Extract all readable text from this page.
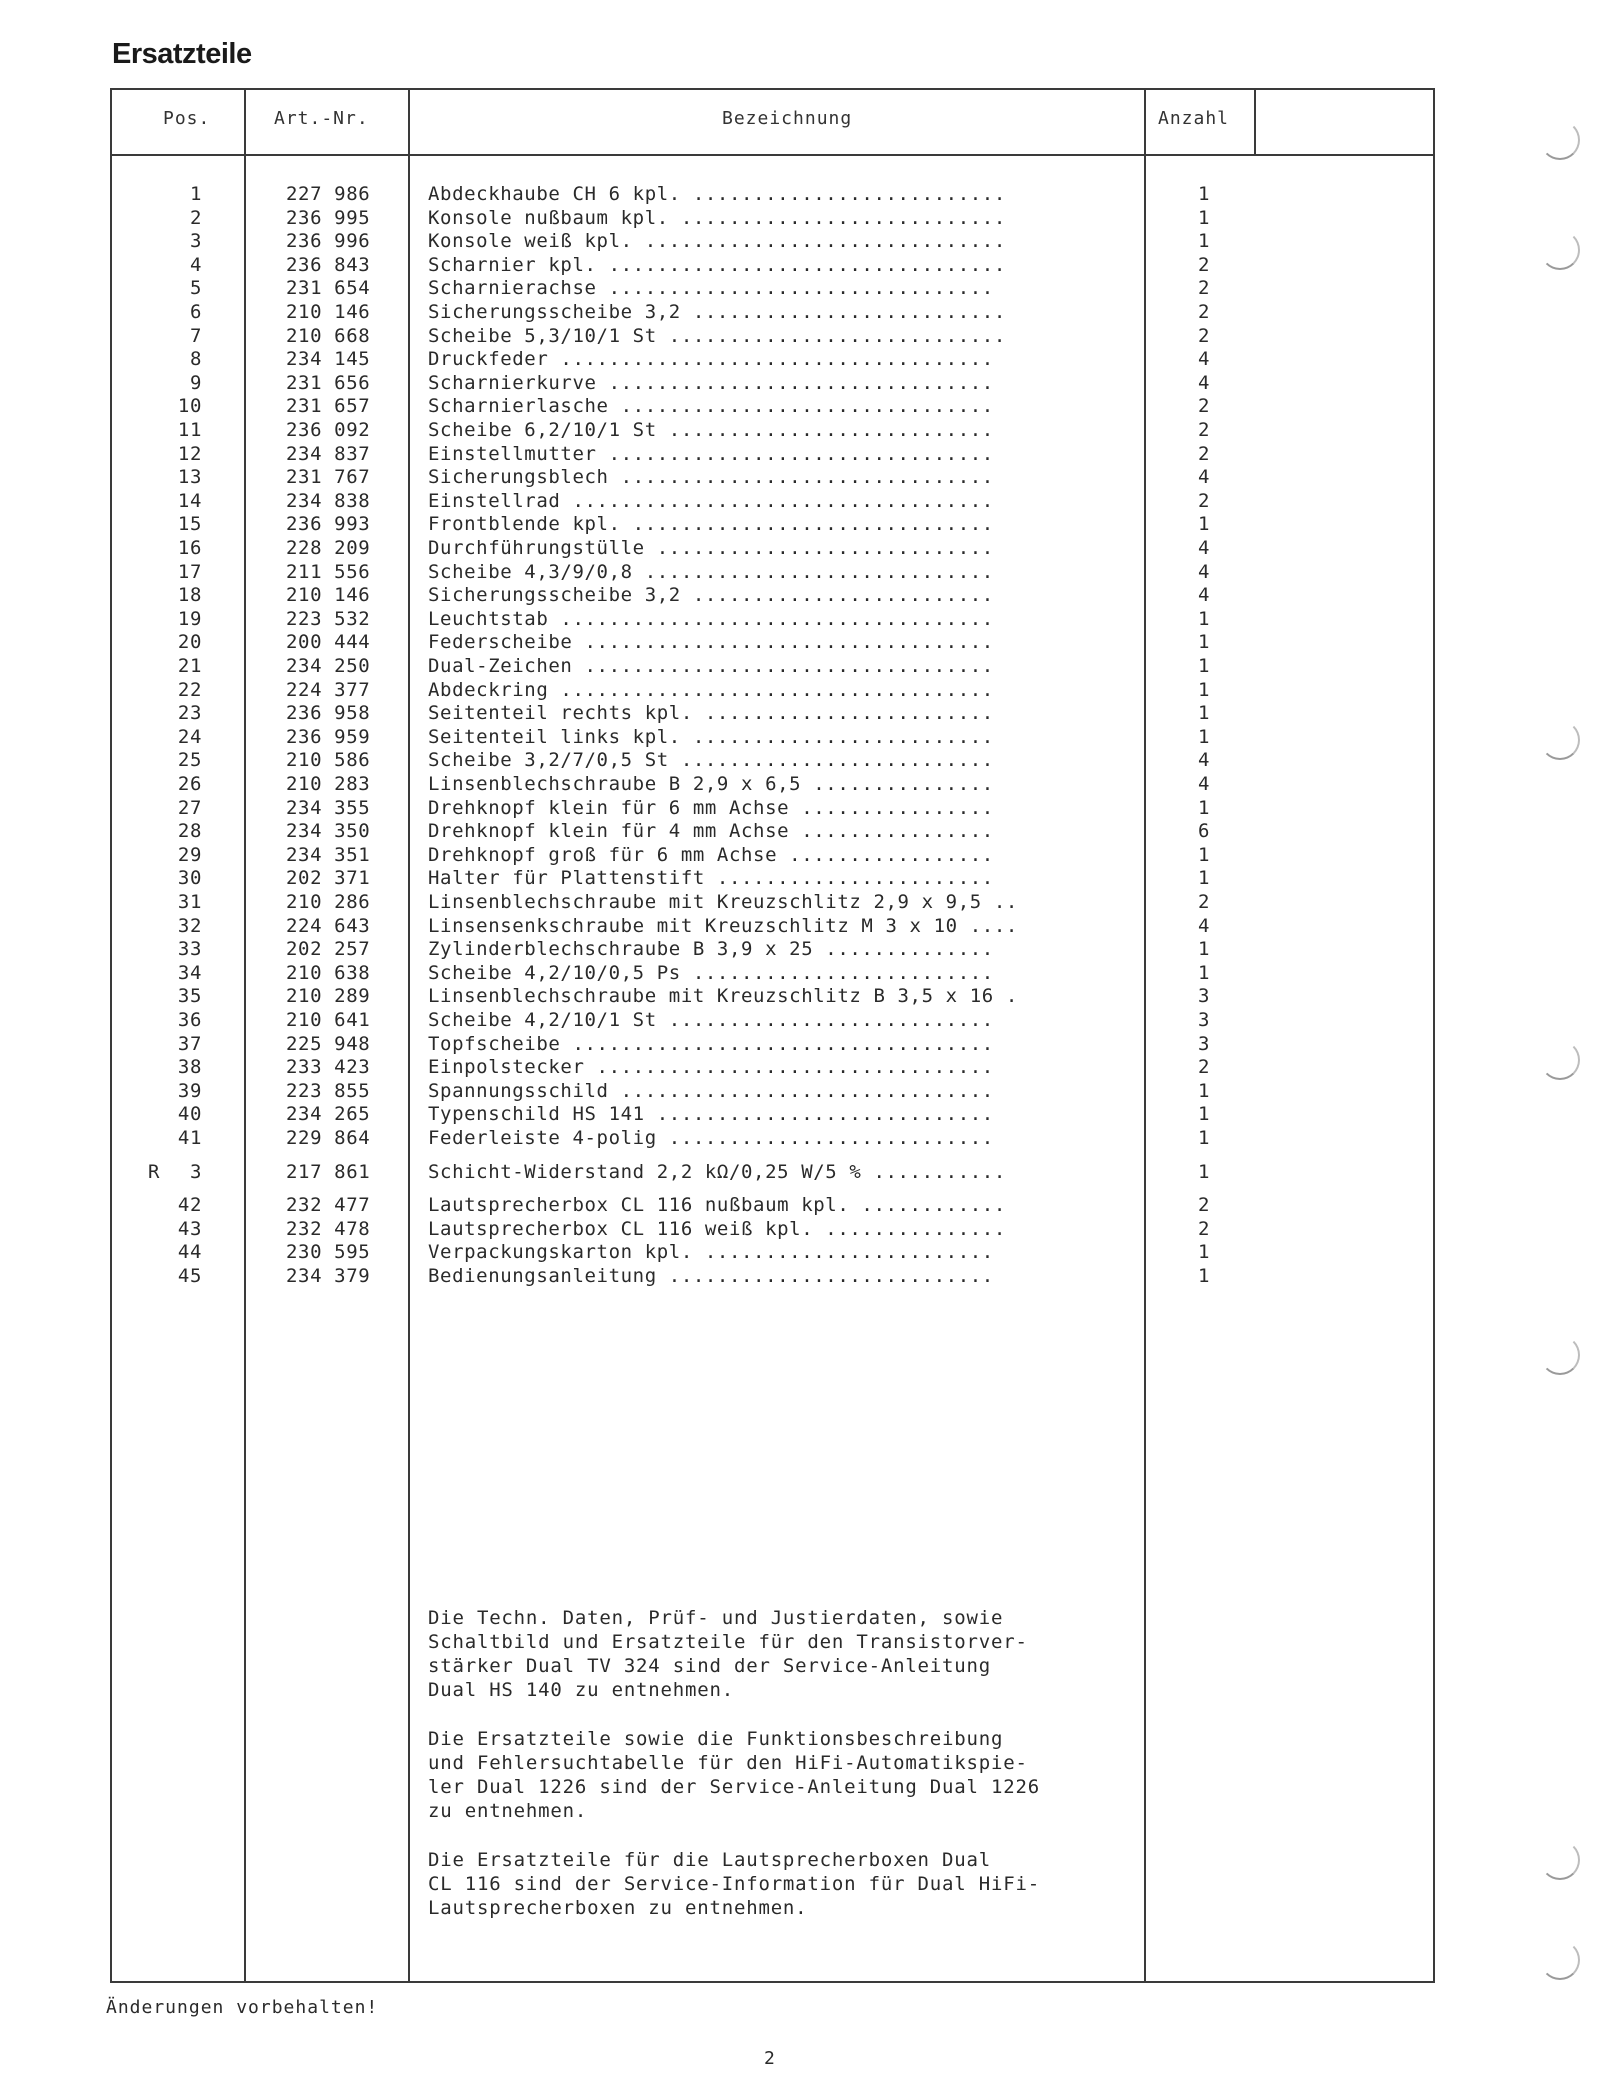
Ersatzteile
Pos.	Art.-Nr.	Bezeichnung	Anzahl
1	227 986	Abdeckhaube CH 6 kpl. ..........................	1
2	236 995	Konsole nußbaum kpl. ...........................	1
3	236 996	Konsole weiß kpl. ..............................	1
4	236 843	Scharnier kpl. .................................	2
5	231 654	Scharnierachse ................................	2
6	210 146	Sicherungsscheibe 3,2 ..........................	2
7	210 668	Scheibe 5,3/10/1 St ............................	2
8	234 145	Druckfeder ....................................	4
9	231 656	Scharnierkurve ................................	4
10	231 657	Scharnierlasche ...............................	2
11	236 092	Scheibe 6,2/10/1 St ...........................	2
12	234 837	Einstellmutter ................................	2
13	231 767	Sicherungsblech ...............................	4
14	234 838	Einstellrad ...................................	2
15	236 993	Frontblende kpl. ..............................	1
16	228 209	Durchführungstülle ............................	4
17	211 556	Scheibe 4,3/9/0,8 .............................	4
18	210 146	Sicherungsscheibe 3,2 .........................	4
19	223 532	Leuchtstab ....................................	1
20	200 444	Federscheibe ..................................	1
21	234 250	Dual-Zeichen ..................................	1
22	224 377	Abdeckring ....................................	1
23	236 958	Seitenteil rechts kpl. ........................	1
24	236 959	Seitenteil links kpl. .........................	1
25	210 586	Scheibe 3,2/7/0,5 St ..........................	4
26	210 283	Linsenblechschraube B 2,9 x 6,5 ...............	4
27	234 355	Drehknopf klein für 6 mm Achse ................	1
28	234 350	Drehknopf klein für 4 mm Achse ................	6
29	234 351	Drehknopf groß für 6 mm Achse .................	1
30	202 371	Halter für Plattenstift .......................	1
31	210 286	Linsenblechschraube mit Kreuzschlitz 2,9 x 9,5 ..	2
32	224 643	Linsensenkschraube mit Kreuzschlitz M 3 x 10 ....	4
33	202 257	Zylinderblechschraube B 3,9 x 25 ..............	1
34	210 638	Scheibe 4,2/10/0,5 Ps .........................	1
35	210 289	Linsenblechschraube mit Kreuzschlitz B 3,5 x 16 .	3
36	210 641	Scheibe 4,2/10/1 St ...........................	3
37	225 948	Topfscheibe ...................................	3
38	233 423	Einpolstecker .................................	2
39	223 855	Spannungsschild ...............................	1
40	234 265	Typenschild HS 141 ............................	1
41	229 864	Federleiste 4-polig ...........................	1
R 3	217 861	Schicht-Widerstand 2,2 kΩ/0,25 W/5 % ...........	1
42	232 477	Lautsprecherbox CL 116 nußbaum kpl. ............	2
43	232 478	Lautsprecherbox CL 116 weiß kpl. ...............	2
44	230 595	Verpackungskarton kpl. ........................	1
45	234 379	Bedienungsanleitung ...........................	1

Die Techn. Daten, Prüf- und Justierdaten, sowie
Schaltbild und Ersatzteile für den Transistorver-
stärker Dual TV 324 sind der Service-Anleitung
Dual HS 140 zu entnehmen.

Die Ersatzteile sowie die Funktionsbeschreibung
und Fehlersuchtabelle für den HiFi-Automatikspie-
ler Dual 1226 sind der Service-Anleitung Dual 1226
zu entnehmen.

Die Ersatzteile für die Lautsprecherboxen Dual
CL 116 sind der Service-Information für Dual HiFi-
Lautsprecherboxen zu entnehmen.

Änderungen vorbehalten!
2
